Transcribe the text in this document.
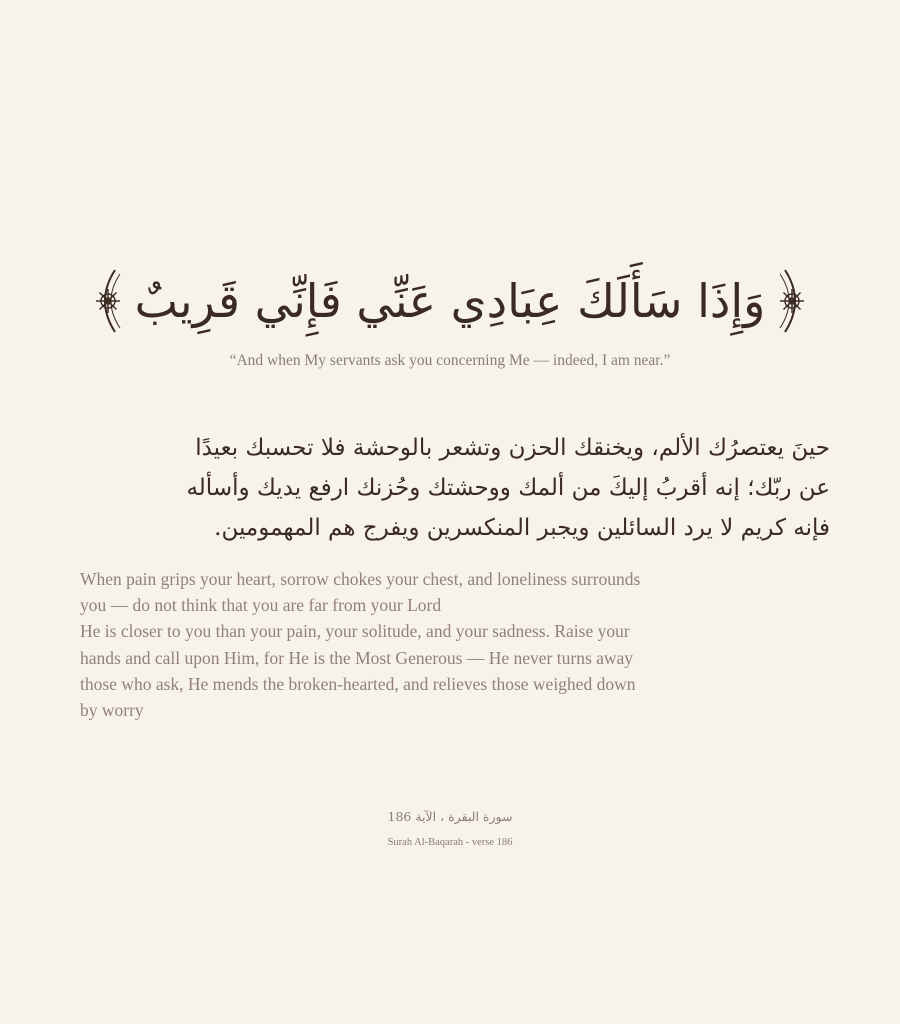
وَإِذَا سَأَلَكَ عِبَادِي عَنِّي فَإِنِّي قَرِيبٌ
“And when My servants ask you concerning Me — indeed, I am near.”
حينَ يعتصرُك الألم، ويخنقك الحزن وتشعر بالوحشة فلا تحسبك بعيدًا
عن ربّك؛ إنه أقربُ إليكَ من ألمك ووحشتك وحُزنك ارفع يديك وأسأله
فإنه كريم لا يرد السائلين ويجبر المنكسرين ويفرج هم المهمومين.
When pain grips your heart, sorrow chokes your chest, and loneliness surrounds
you — do not think that you are far from your Lord
He is closer to you than your pain, your solitude, and your sadness. Raise your
hands and call upon Him, for He is the Most Generous — He never turns away
those who ask, He mends the broken-hearted, and relieves those weighed down
by worry
سورة البقرة ، الآية 186
Surah Al-Baqarah - verse 186
